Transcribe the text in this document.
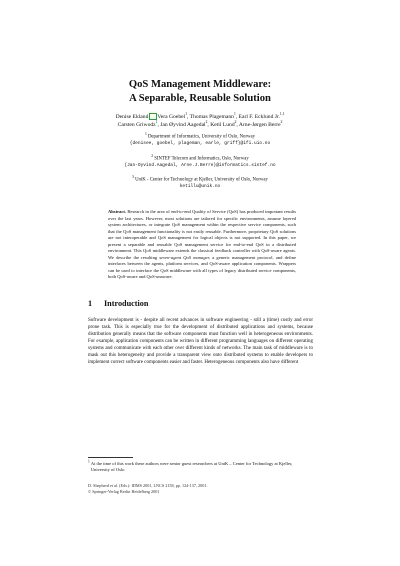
QoS Management Middleware:
A Separable, Reusable Solution
Denise Ekland Vera Goebel$^1$, Thomas Plagemann$^1$, Earl F. Ecklund Jr.$^{1,1}$
Carsten Griwodz$^1$, Jan Øyvind Aagedal$^2$, Ketil Lund$^2$, Arne-Jørgen Berre$^2$
$^1$ Department of Informatics, University of Oslo, Norway
{denisee, goebel, plageman, earle, griff}@ifi.uio.no
$^2$ SINTEF Telecom and Informatics, Oslo, Norway
{Jan-Oyvind.Aagedal, Arne.J.Berre}@informatics.sintef.no
$^3$ UniK - Center for Technology at Kjeller, University of Oslo, Norway
ketillu@unik.no
Abstract. Research in the area of end-to-end Quality of Service (QoS) has produced important results over the last years. However, most solutions are tailored for specific environments, assume layered system architectures, or integrate QoS management within the respective service components, such that the QoS management functionality is not easily reusable. Furthermore, proprietary QoS solutions are not interoperable and QoS management for logical objects is not supported. In this paper, we present a separable and reusable QoS management service for end-to-end QoS in a distributed environment. This QoS middleware extends the classical feedback controller with QoS-aware agents. We describe the resulting seven-agent QoS manager, a generic management protocol, and define interfaces between the agents, platform services, and QoS-aware application components. Wrappers can be used to interface the QoS middleware with all types of legacy distributed service components, both QoS-aware and QoS-unaware.
1 Introduction
Software development is - despite all recent advances in software engineering - still a (time) costly and error prone task. This is especially true for the development of distributed applications and systems, because distribution generally means that the software components must function well in heterogeneous environments. For example, application components can be written in different programming languages on different operating systems and communicate with each other over different kinds of networks. The main task of middleware is to mask out this heterogeneity and provide a transparent view onto distributed systems to enable developers to implement correct software components easier and faster. Heterogeneous components also have different
$^1$ At the time of this work these authors were senior guest researchers at UniK – Center for Technology at Kjeller, University of Oslo.
D. Shepherd et al. (Eds.): IDMS 2001, LNCS 2158, pp. 124-137, 2001.
© Springer-Verlag Berlin Heidelberg 2001
